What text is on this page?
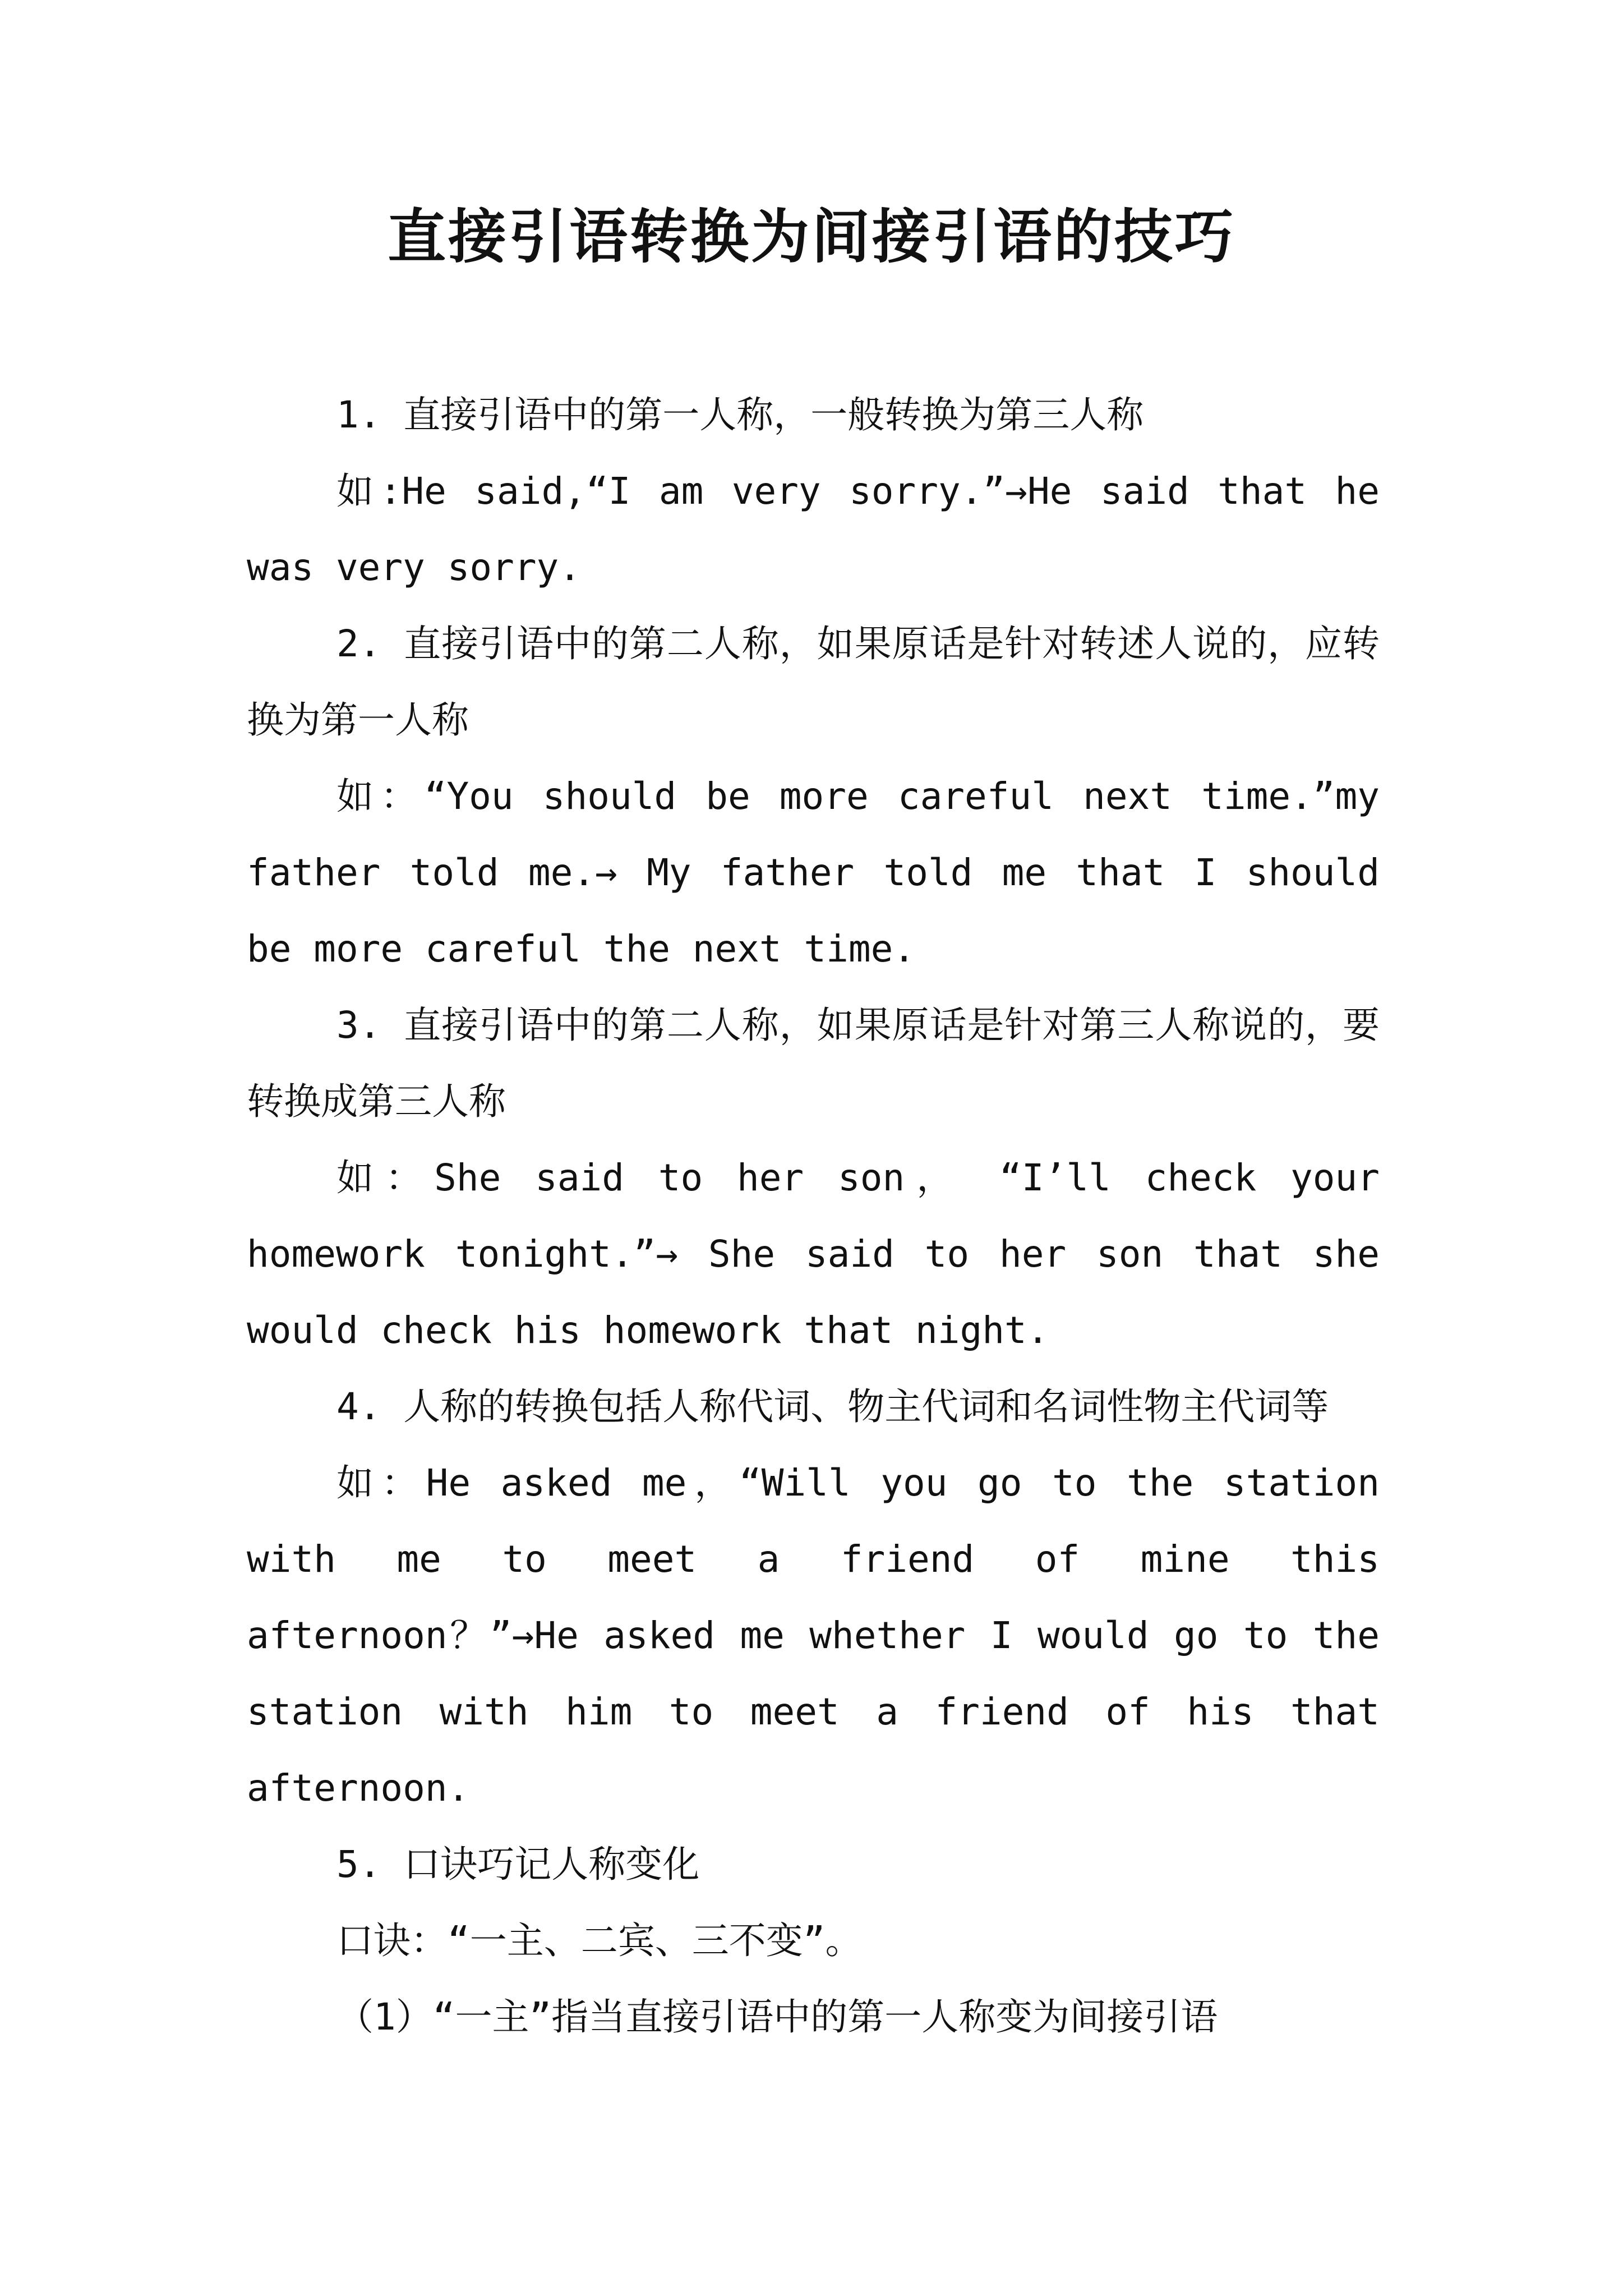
直接引语转换为间接引语的技巧

1. 直接引语中的第一人称，一般转换为第三人称

如:He said,“I am very sorry.”→He said that he was very sorry.

2. 直接引语中的第二人称，如果原话是针对转述人说的，应转换为第一人称

如：“You should be more careful next time.”my father told me.→ My father told me that I should be more careful the next time.

3. 直接引语中的第二人称，如果原话是针对第三人称说的，要转换成第三人称

如：She said to her son， “I’ll check your homework tonight.”→ She said to her son that she would check his homework that night.

4. 人称的转换包括人称代词、物主代词和名词性物主代词等

如：He asked me，“Will you go to the station with me to meet a friend of mine this afternoon？”→He asked me whether I would go to the station with him to meet a friend of his that afternoon.

5. 口诀巧记人称变化

口诀：“一主、二宾、三不变”。

（1）“一主”指当直接引语中的第一人称变为间接引语
